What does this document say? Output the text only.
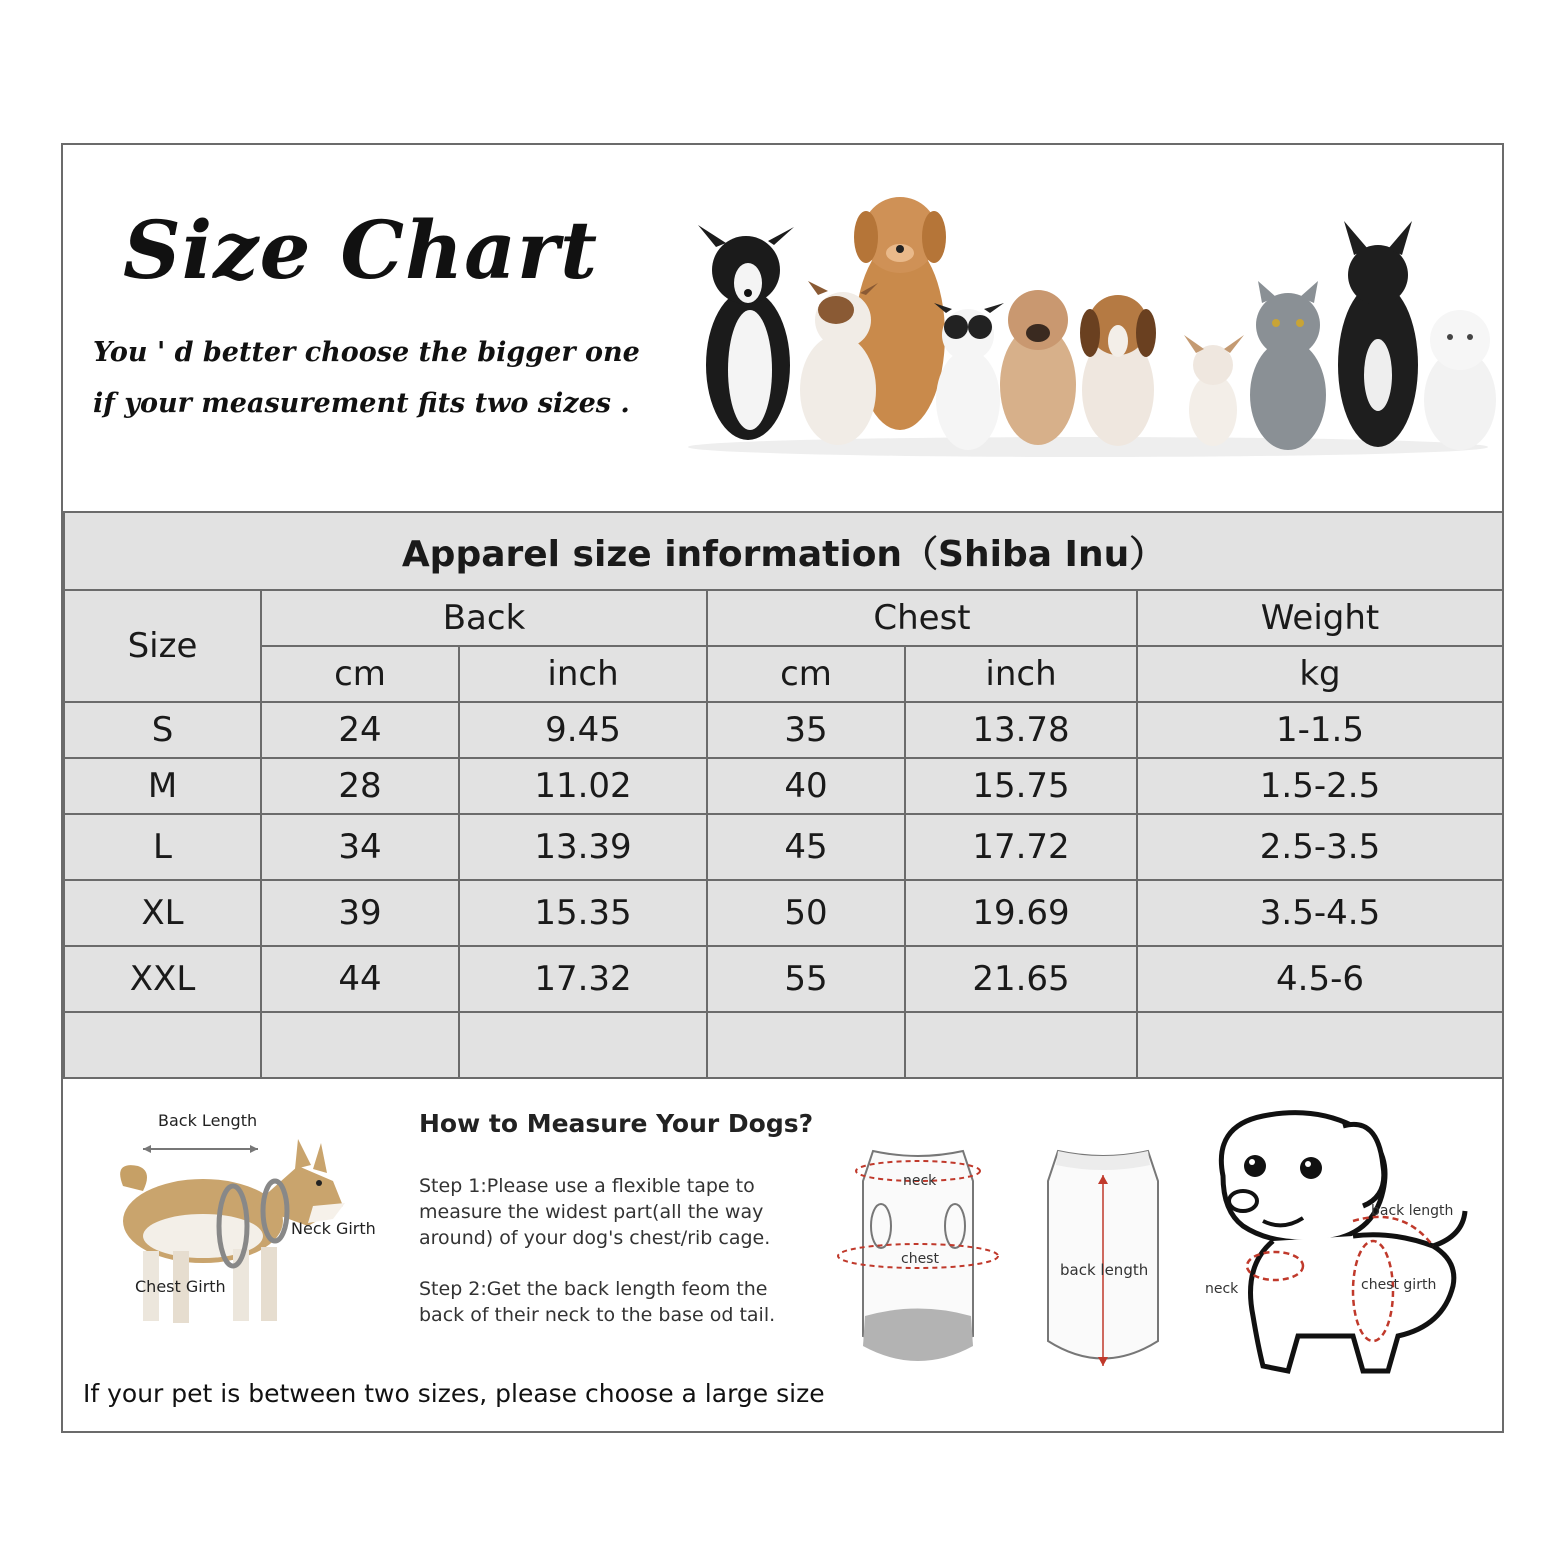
Size Chart

You ' d better choose the bigger one

if your measurement fits two sizes .

Apparel size information（Shiba Inu）					
Size	Back		Chest		Weight
	cm	inch	cm	inch	kg
S	24	9.45	35	13.78	1-1.5
M	28	11.02	40	15.75	1.5-2.5
L	34	13.39	45	17.72	2.5-3.5
XL	39	15.35	50	19.69	3.5-4.5
XXL	44	17.32	55	21.65	4.5-6

Back Length
Neck Girth
Chest Girth
How to Measure Your Dogs?

Step 1:Please use a flexible tape to measure the widest part(all the way around) of your dog's chest/rib cage.

Step 2:Get the back length feom the back of their neck to the base od tail.

neck
chest
back length
back length
neck	chest girth

If your pet is between two sizes, please choose a large size
